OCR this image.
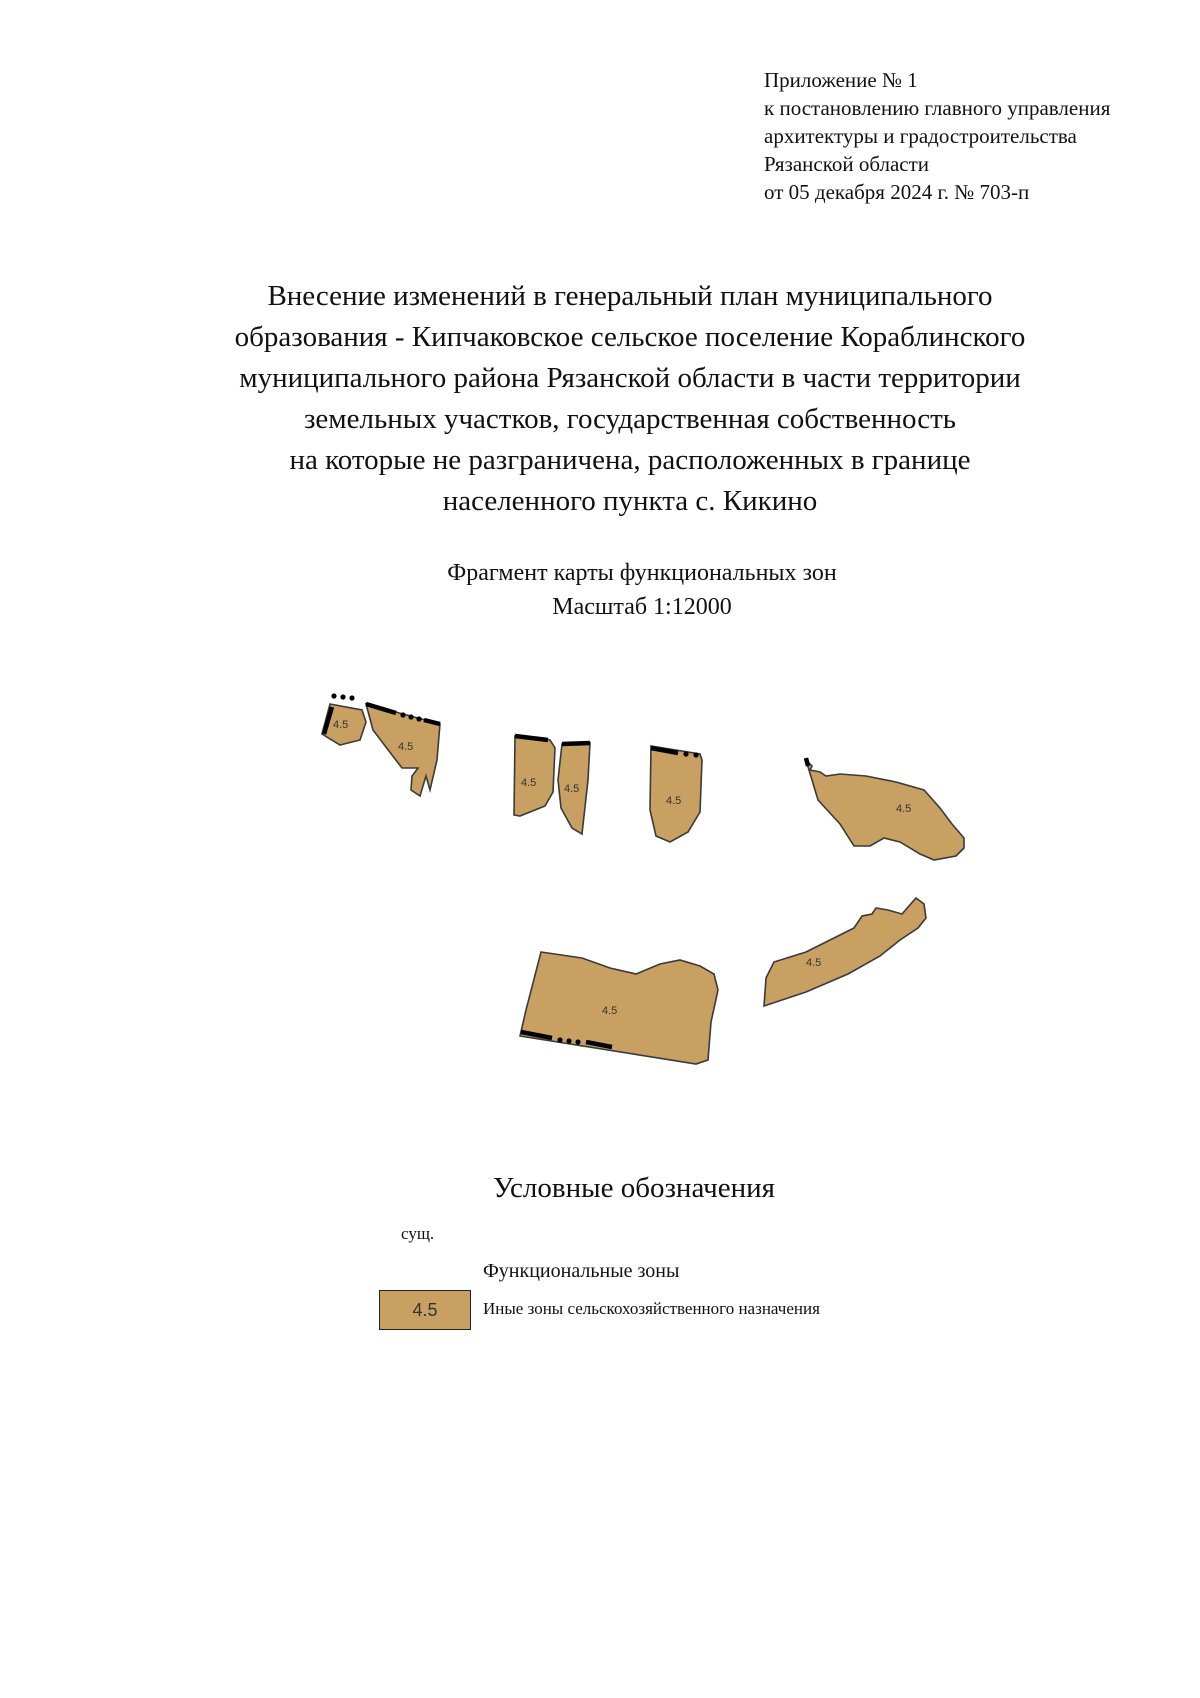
Приложение № 1
к постановлению главного управления
архитектуры и градостроительства
Рязанской области
от 05 декабря 2024 г. № 703-п
Внесение изменений в генеральный план муниципального
образования - Кипчаковское сельское поселение Кораблинского
муниципального района Рязанской области в части территории
земельных участков, государственная собственность
на которые не разграничена, расположенных в границе
населенного пункта с. Кикино
Фрагмент карты функциональных зон
Масштаб 1:12000
4.5
4.5
4.5	4.5
4.5
4.5
4.5
4.5
Условные обозначения
сущ.
Функциональные зоны
4.5	Иные зоны сельскохозяйственного назначения
